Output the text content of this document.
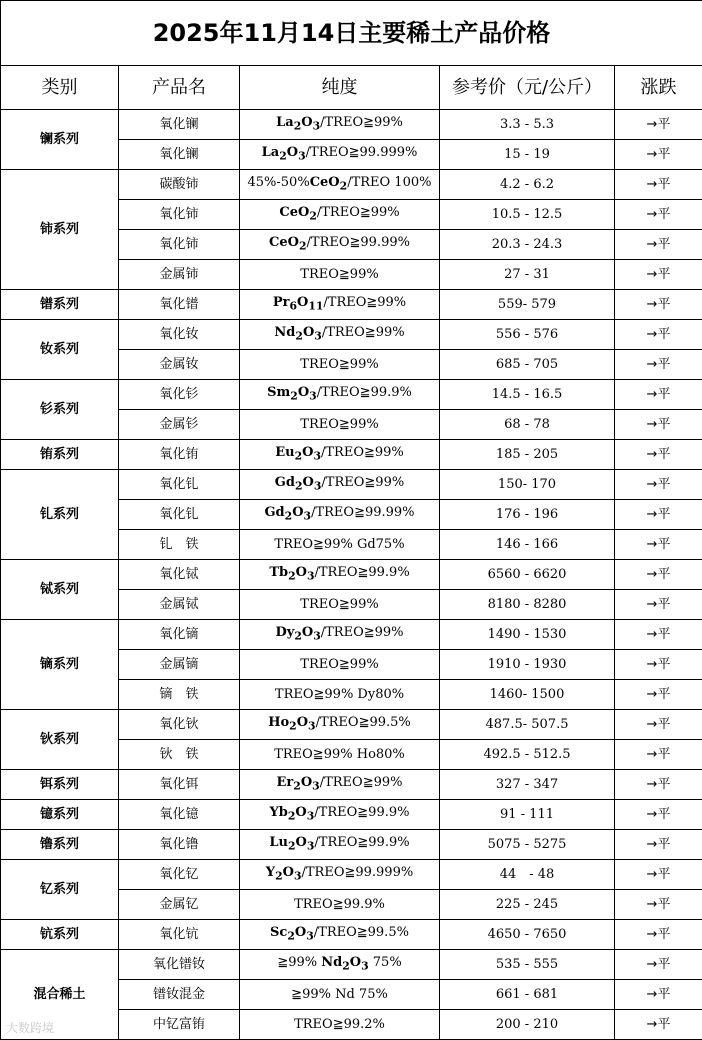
2025年11月14日主要稀土产品价格				
类别	产品名	纯度	参考价（元/公斤）	涨跌
镧系列	氧化镧	$La_2O_3/TREO≧99\%$	3.3 - 5.3	→平
	氧化镧	$La_2O_3/TREO≧99.999\%$	15 - 19	→平
铈系列	碳酸铈	45%-50%CeO$_2$/TREO 100%	4.2 - 6.2	→平
	氧化铈	CeO$_2$/TREO≧99%	10.5 - 12.5	→平
	氧化铈	CeO$_2$/TREO≧99.99%	20.3 - 24.3	→平
	金属铈	TREO≧99%	27 - 31	→平
镨系列	氧化镨	$Pr_6O_{11}/TREO≧99\%$	559- 579	→平
钕系列	氧化钕	$Nd_2O_3/TREO≧99\%$	556 - 576	→平
	金属钕	TREO≧99%	685 - 705	→平
钐系列	氧化钐	$Sm_2O_3/TREO≧99.9\%$	14.5 - 16.5	→平
	金属钐	TREO≧99%	68 - 78	→平
铕系列	氧化铕	$Eu_2O_3/TREO≧99\%$	185 - 205	→平
钆系列	氧化钆	$Gd_2O_3/TREO≧99\%$	150- 170	→平
	氧化钆	$Gd_2O_3/TREO≧99.99\%$	176 - 196	→平
	钆　铁	TREO≧99% Gd75%	146 - 166	→平
铽系列	氧化铽	$Tb_2O_3/TREO≧99.9\%$	6560 - 6620	→平
	金属铽	TREO≧99%	8180 - 8280	→平
镝系列	氧化镝	$Dy_2O_3/TREO≧99\%$	1490 - 1530	→平
	金属镝	TREO≧99%	1910 - 1930	→平
	镝　铁	TREO≧99% Dy80%	1460- 1500	→平
钬系列	氧化钬	$Ho_2O_3/TREO≧99.5\%$	487.5- 507.5	→平
	钬　铁	TREO≧99% Ho80%	492.5 - 512.5	→平
铒系列	氧化铒	$Er_2O_3/TREO≧99\%$	327 - 347	→平
镱系列	氧化镱	$Yb_2O_3/TREO≧99.9\%$	91 - 111	→平
镥系列	氧化镥	$Lu_2O_3/TREO≧99.9\%$	5075 - 5275	→平
钇系列	氧化钇	$Y_2O_3/TREO≧99.999\%$	44　- 48	→平
	金属钇	TREO≧99.9%	225 - 245	→平
钪系列	氧化钪	$Sc_2O_3/TREO≧99.5\%$	4650 - 7650	→平
混合稀土	氧化镨钕	≧99% $Nd_2O_3$ 75%	535 - 555	→平
	镨钕混金	≧99% Nd 75%	661 - 681	→平
	中钇富铕	TREO≧99.2%	200 - 210	→平
大数跨境
